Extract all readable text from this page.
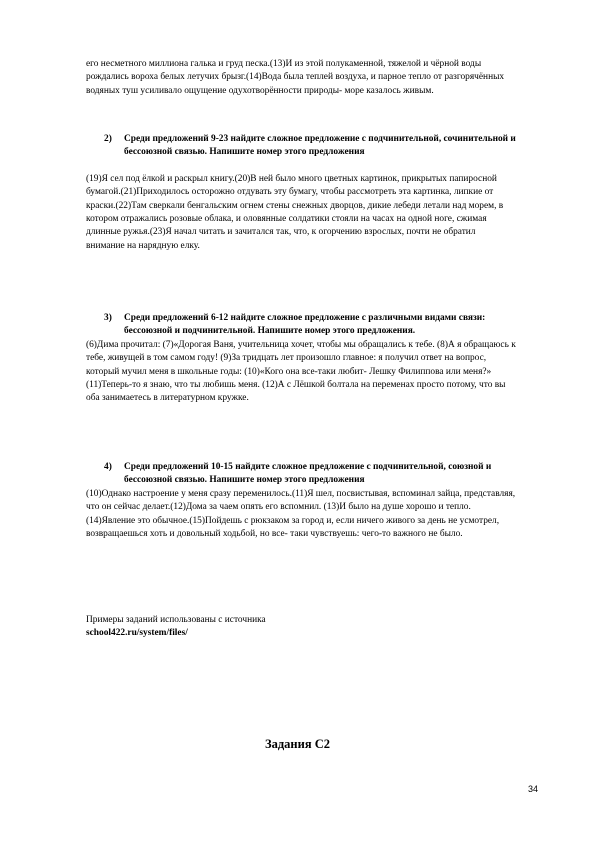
его несметного миллиона галька и груд песка.(13)И из этой полукаменной, тяжелой и чёрной воды рождались вороха белых летучих брызг.(14)Вода была теплей воздуха, и парное тепло от разгорячённых водяных туш усиливало ощущение одухотворённости природы- море казалось живым.

2)	Среди предложений 9-23 найдите сложное предложение с подчинительной, сочинительной и бессоюзной связью. Напишите номер этого предложения

(19)Я сел под ёлкой и раскрыл книгу.(20)В ней было много цветных картинок, прикрытых папиросной бумагой.(21)Приходилось осторожно отдувать эту бумагу, чтобы рассмотреть эта картинка, липкие от краски.(22)Там сверкали бенгальским огнем стены снежных дворцов, дикие лебеди летали над морем, в котором отражались розовые облака, и оловянные солдатики стояли на часах на одной ноге, сжимая длинные ружья.(23)Я начал читать и зачитался так, что, к огорчению взрослых, почти не обратил внимание на нарядную елку.

3)	Среди предложений 6-12 найдите сложное предложение с различными видами связи: бессоюзной и подчинительной. Напишите номер этого предложения.

(6)Дима прочитал: (7)«Дорогая Ваня, учительница хочет, чтобы мы обращались к тебе. (8)А я обращаюсь к тебе, живущей в том самом году! (9)За тридцать лет произошло главное: я получил ответ на вопрос, который мучил меня в школьные годы: (10)«Кого она все-таки любит- Лешку Филиппова или меня?» (11)Теперь-то я знаю, что ты любишь меня. (12)А с Лёшкой болтала на переменах просто потому, что вы оба занимаетесь в литературном кружке.

4)	Среди предложений 10-15 найдите сложное предложение с подчинительной, союзной и бессоюзной связью. Напишите номер этого предложения

(10)Однако настроение у меня сразу переменилось.(11)Я шел, посвистывая, вспоминал зайца, представляя, что он сейчас делает.(12)Дома за чаем опять его вспомнил. (13)И было на душе хорошо и тепло. (14)Явление это обычное.(15)Пойдешь с рюкзаком за город и, если ничего живого за день не усмотрел, возвращаешься хоть и довольный ходьбой, но все- таки чувствуешь: чего-то важного не было.

Примеры заданий использованы с источника
school422.ru/system/files/
Задания С2
34
